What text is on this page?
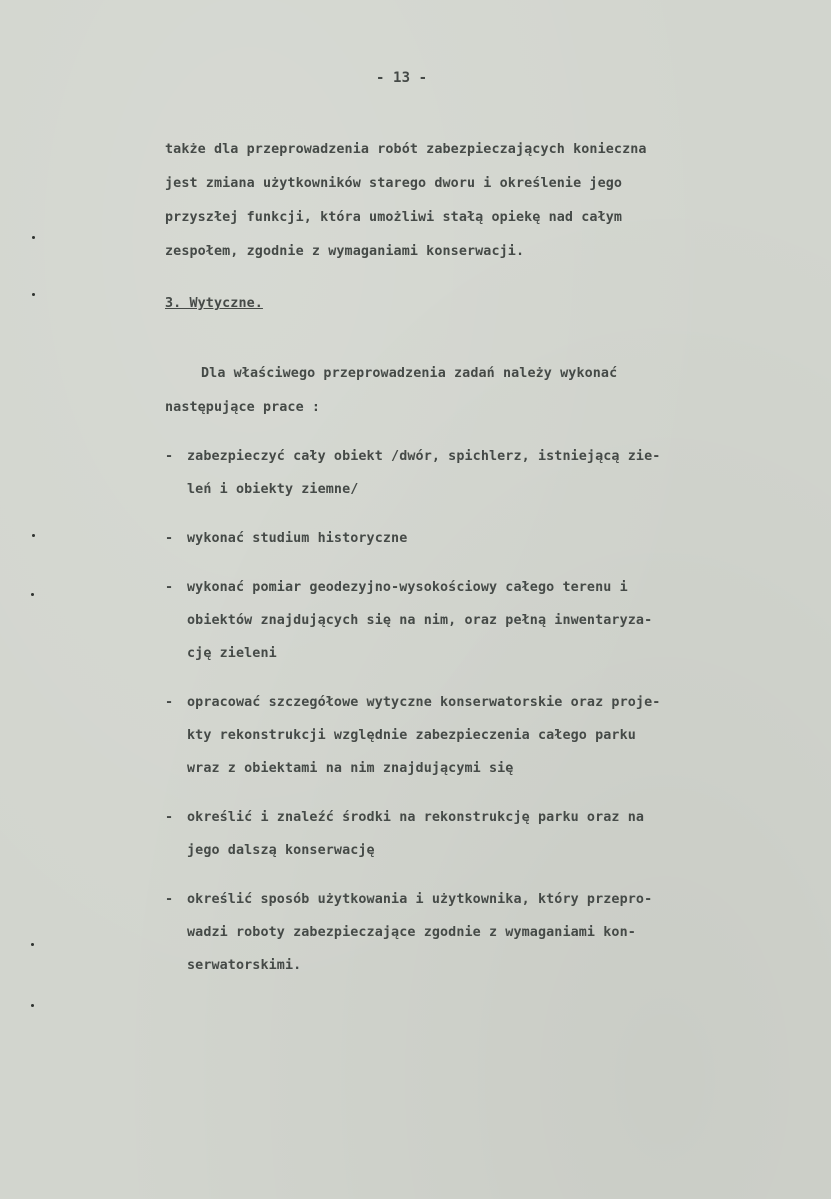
- 13 -
także dla przeprowadzenia robót zabezpieczających konieczna
jest zmiana użytkowników starego dworu i określenie jego
przyszłej funkcji, która umożliwi stałą opiekę nad całym
zespołem, zgodnie z wymaganiami konserwacji.
3. Wytyczne.
Dla właściwego przeprowadzenia zadań należy wykonać
następujące prace :
- zabezpieczyć cały obiekt /dwór, spichlerz, istniejącą zie-
leń i obiekty ziemne/
- wykonać studium historyczne
- wykonać pomiar geodezyjno-wysokościowy całego terenu i
obiektów znajdujących się na nim, oraz pełną inwentaryza-
cję zieleni
- opracować szczegółowe wytyczne konserwatorskie oraz proje-
kty rekonstrukcji względnie zabezpieczenia całego parku
wraz z obiektami na nim znajdującymi się
- określić i znaleźć środki na rekonstrukcję parku oraz na
jego dalszą konserwację
- określić sposób użytkowania i użytkownika, który przepro-
wadzi roboty zabezpieczające zgodnie z wymaganiami kon-
serwatorskimi.
